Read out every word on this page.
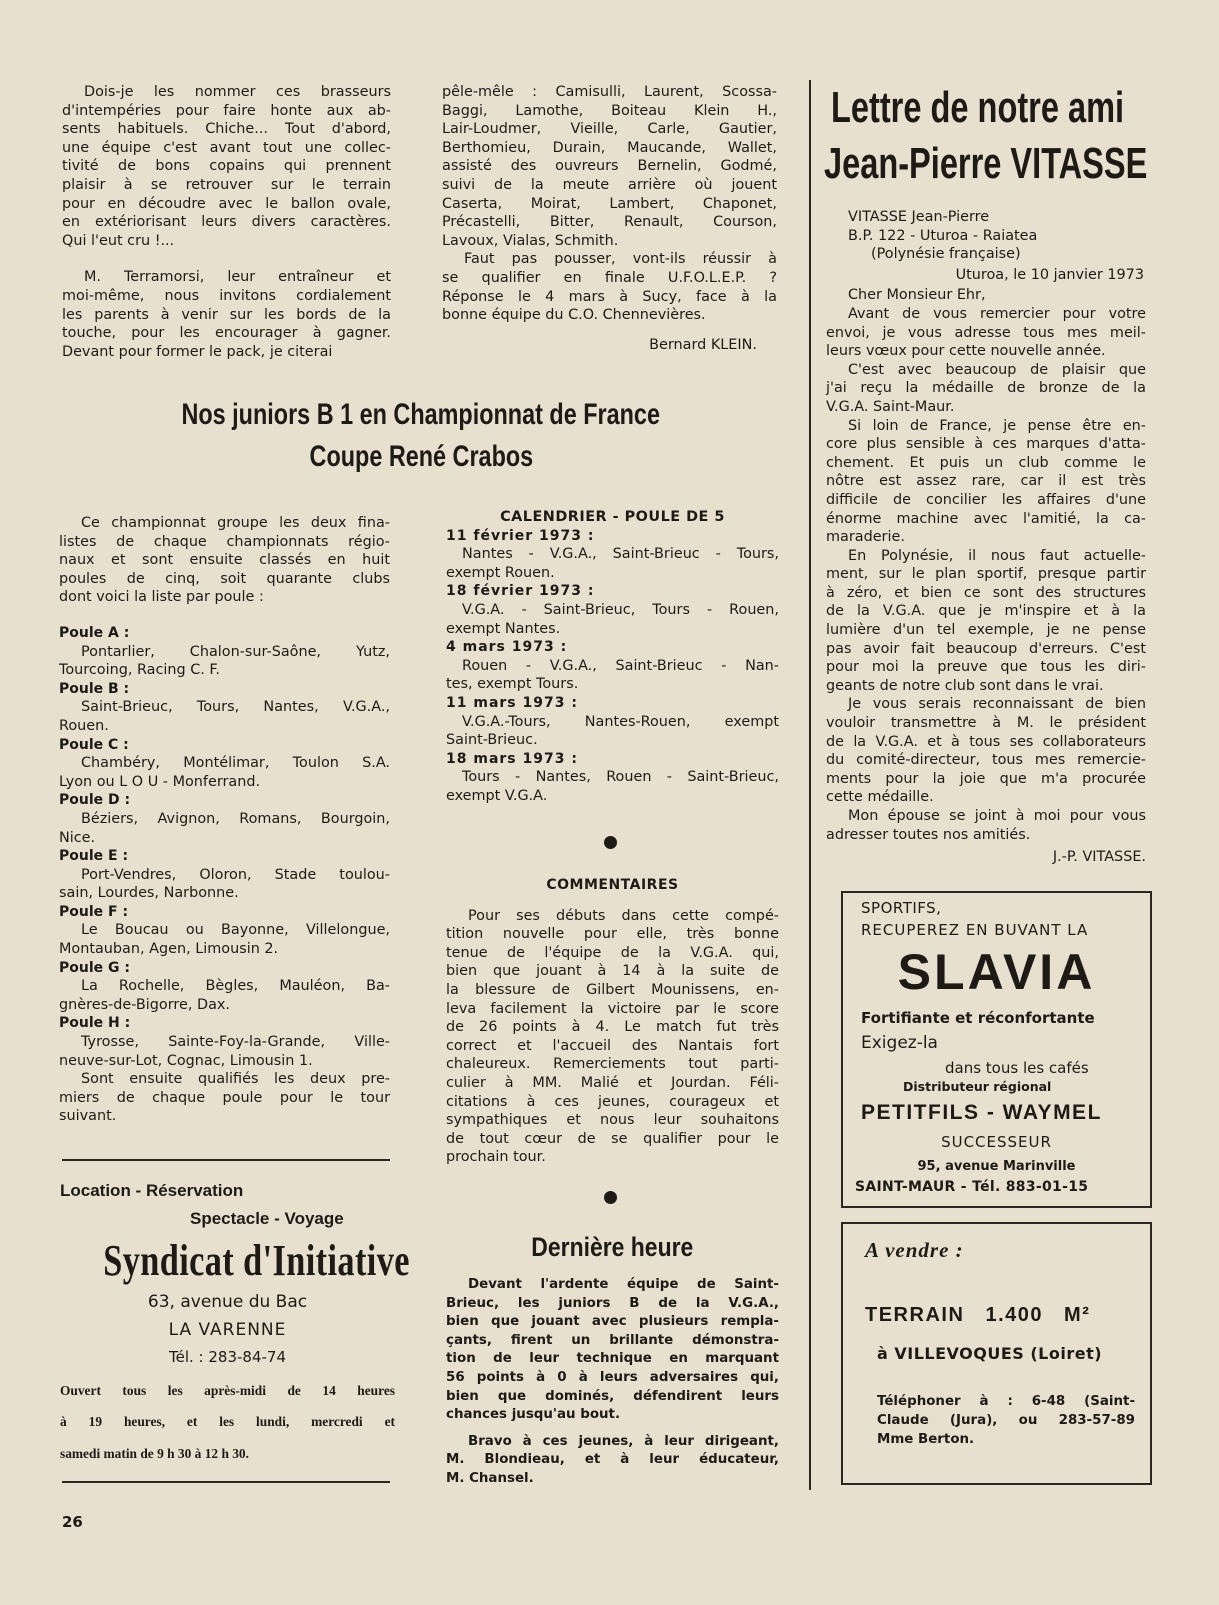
Dois-je les nommer ces brasseurs

d'intempéries pour faire honte aux ab-

sents habituels. Chiche... Tout d'abord,

une équipe c'est avant tout une collec-

tivité de bons copains qui prennent

plaisir à se retrouver sur le terrain

pour en découdre avec le ballon ovale,

en extériorisant leurs divers caractères.

Qui l'eut cru !...

M. Terramorsi, leur entraîneur et

moi-même, nous invitons cordialement

les parents à venir sur les bords de la

touche, pour les encourager à gagner.

Devant pour former le pack, je citerai

pêle-mêle : Camisulli, Laurent, Scossa-

Baggi, Lamothe, Boiteau Klein H.,

Lair-Loudmer, Vieille, Carle, Gautier,

Berthomieu, Durain, Maucande, Wallet,

assisté des ouvreurs Bernelin, Godmé,

suivi de la meute arrière où jouent

Caserta, Moirat, Lambert, Chaponet,

Précastelli, Bitter, Renault, Courson,

Lavoux, Vialas, Schmith.

Faut pas pousser, vont-ils réussir à

se qualifier en finale U.F.O.L.E.P. ?

Réponse le 4 mars à Sucy, face à la

bonne équipe du C.O. Chennevières.

Bernard KLEIN.

Nos juniors B 1 en Championnat de France
Coupe René Crabos

Ce championnat groupe les deux fina-

listes de chaque championnats régio-

naux et sont ensuite classés en huit

poules de cinq, soit quarante clubs

dont voici la liste par poule :

Poule A :

Pontarlier, Chalon-sur-Saône, Yutz,

Tourcoing, Racing C. F.

Poule B :

Saint-Brieuc, Tours, Nantes, V.G.A.,

Rouen.

Poule C :

Chambéry, Montélimar, Toulon S.A.

Lyon ou L O U - Monferrand.

Poule D :

Béziers, Avignon, Romans, Bourgoin,

Nice.

Poule E :

Port-Vendres, Oloron, Stade toulou-

sain, Lourdes, Narbonne.

Poule F :

Le Boucau ou Bayonne, Villelongue,

Montauban, Agen, Limousin 2.

Poule G :

La Rochelle, Bègles, Mauléon, Ba-

gnères-de-Bigorre, Dax.

Poule H :

Tyrosse, Sainte-Foy-la-Grande, Ville-

neuve-sur-Lot, Cognac, Limousin 1.

Sont ensuite qualifiés les deux pre-

miers de chaque poule pour le tour

suivant.

CALENDRIER - POULE DE 5

11 février 1973 :

Nantes - V.G.A., Saint-Brieuc - Tours,

exempt Rouen.

18 février 1973 :

V.G.A. - Saint-Brieuc, Tours - Rouen,

exempt Nantes.

4 mars 1973 :

Rouen - V.G.A., Saint-Brieuc - Nan-

tes, exempt Tours.

11 mars 1973 :

V.G.A.-Tours, Nantes-Rouen, exempt

Saint-Brieuc.

18 mars 1973 :

Tours - Nantes, Rouen - Saint-Brieuc,

exempt V.G.A.

COMMENTAIRES

Pour ses débuts dans cette compé-

tition nouvelle pour elle, très bonne

tenue de l'équipe de la V.G.A. qui,

bien que jouant à 14 à la suite de

la blessure de Gilbert Mounissens, en-

leva facilement la victoire par le score

de 26 points à 4. Le match fut très

correct et l'accueil des Nantais fort

chaleureux. Remerciements tout parti-

culier à MM. Malié et Jourdan. Féli-

citations à ces jeunes, courageux et

sympathiques et nous leur souhaitons

de tout cœur de se qualifier pour le

prochain tour.

Dernière heure

Devant l'ardente équipe de Saint-

Brieuc, les juniors B de la V.G.A.,

bien que jouant avec plusieurs rempla-

çants, firent un brillante démonstra-

tion de leur technique en marquant

56 points à 0 à leurs adversaires qui,

bien que dominés, défendirent leurs

chances jusqu'au bout.

Bravo à ces jeunes, à leur dirigeant,

M. Blondieau, et à leur éducateur,

M. Chansel.

Location - Réservation
Spectacle - Voyage
Syndicat d'Initiative
63, avenue du Bac
LA VARENNE
Tél. : 283-84-74

Ouvert tous les après-midi de 14 heures

à 19 heures, et les lundi, mercredi et

samedi matin de 9 h 30 à 12 h 30.

Lettre de notre ami
Jean-Pierre VITASSE

VITASSE Jean-Pierre

B.P. 122 - Uturoa - Raiatea

(Polynésie française)

Uturoa, le 10 janvier 1973

Cher Monsieur Ehr,

Avant de vous remercier pour votre

envoi, je vous adresse tous mes meil-

leurs vœux pour cette nouvelle année.

C'est avec beaucoup de plaisir que

j'ai reçu la médaille de bronze de la

V.G.A. Saint-Maur.

Si loin de France, je pense être en-

core plus sensible à ces marques d'atta-

chement. Et puis un club comme le

nôtre est assez rare, car il est très

difficile de concilier les affaires d'une

énorme machine avec l'amitié, la ca-

maraderie.

En Polynésie, il nous faut actuelle-

ment, sur le plan sportif, presque partir

à zéro, et bien ce sont des structures

de la V.G.A. que je m'inspire et à la

lumière d'un tel exemple, je ne pense

pas avoir fait beaucoup d'erreurs. C'est

pour moi la preuve que tous les diri-

geants de notre club sont dans le vrai.

Je vous serais reconnaissant de bien

vouloir transmettre à M. le président

de la V.G.A. et à tous ses collaborateurs

du comité-directeur, tous mes remercie-

ments pour la joie que m'a procurée

cette médaille.

Mon épouse se joint à moi pour vous

adresser toutes nos amitiés.

J.-P. VITASSE.

SPORTIFS,
RECUPEREZ EN BUVANT LA
SLAVIA
Fortifiante et réconfortante
Exigez-la
dans tous les cafés
Distributeur régional
PETITFILS - WAYMEL
SUCCESSEUR
95, avenue Marinville
SAINT-MAUR - Tél. 883-01-15
A vendre :
TERRAIN 1.400 M²
à VILLEVOQUES (Loiret)

Téléphoner à : 6-48 (Saint-

Claude (Jura), ou 283-57-89

Mme Berton.

26
